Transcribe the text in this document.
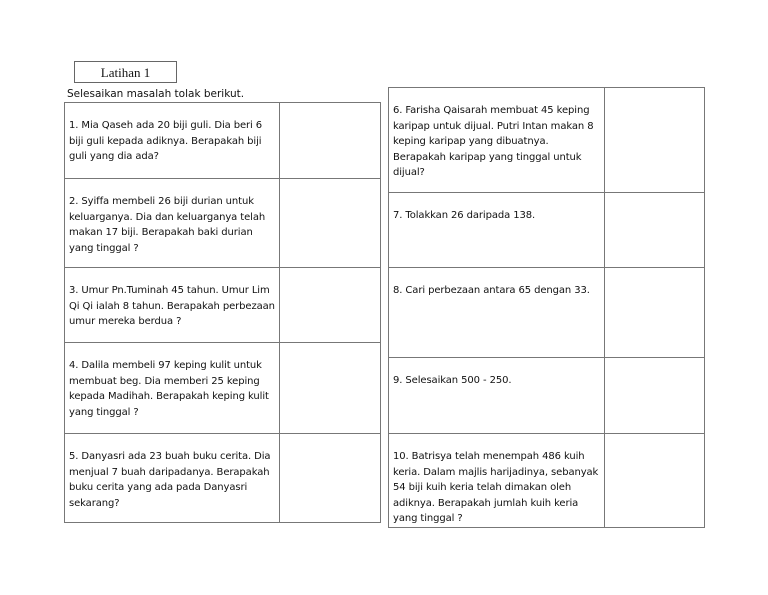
Latihan 1
Selesaikan masalah tolak berikut.
1. Mia Qaseh ada 20 biji guli. Dia beri 6 biji guli kepada adiknya. Berapakah biji guli yang dia ada?	
2. Syiffa membeli 26 biji durian untuk keluarganya. Dia dan keluarganya telah makan 17 biji. Berapakah baki durian yang tinggal ?	
3. Umur Pn.Tuminah 45 tahun. Umur Lim Qi Qi ialah 8 tahun. Berapakah perbezaan umur mereka berdua ?	
4. Dalila membeli 97 keping kulit untuk membuat beg. Dia memberi 25 keping kepada Madihah. Berapakah keping kulit yang tinggal ?	
5. Danyasri ada 23 buah buku cerita. Dia menjual 7 buah daripadanya. Berapakah buku cerita yang ada pada Danyasri sekarang?	
6. Farisha Qaisarah membuat 45 keping karipap untuk dijual. Putri Intan makan 8 keping karipap yang dibuatnya. Berapakah karipap yang tinggal untuk dijual?	
7. Tolakkan 26 daripada 138.	
8. Cari perbezaan antara 65 dengan 33.	
9. Selesaikan 500 - 250.	
10. Batrisya telah menempah 486 kuih keria. Dalam majlis harijadinya, sebanyak 54 biji kuih keria telah dimakan oleh adiknya. Berapakah jumlah kuih keria yang tinggal ?	
